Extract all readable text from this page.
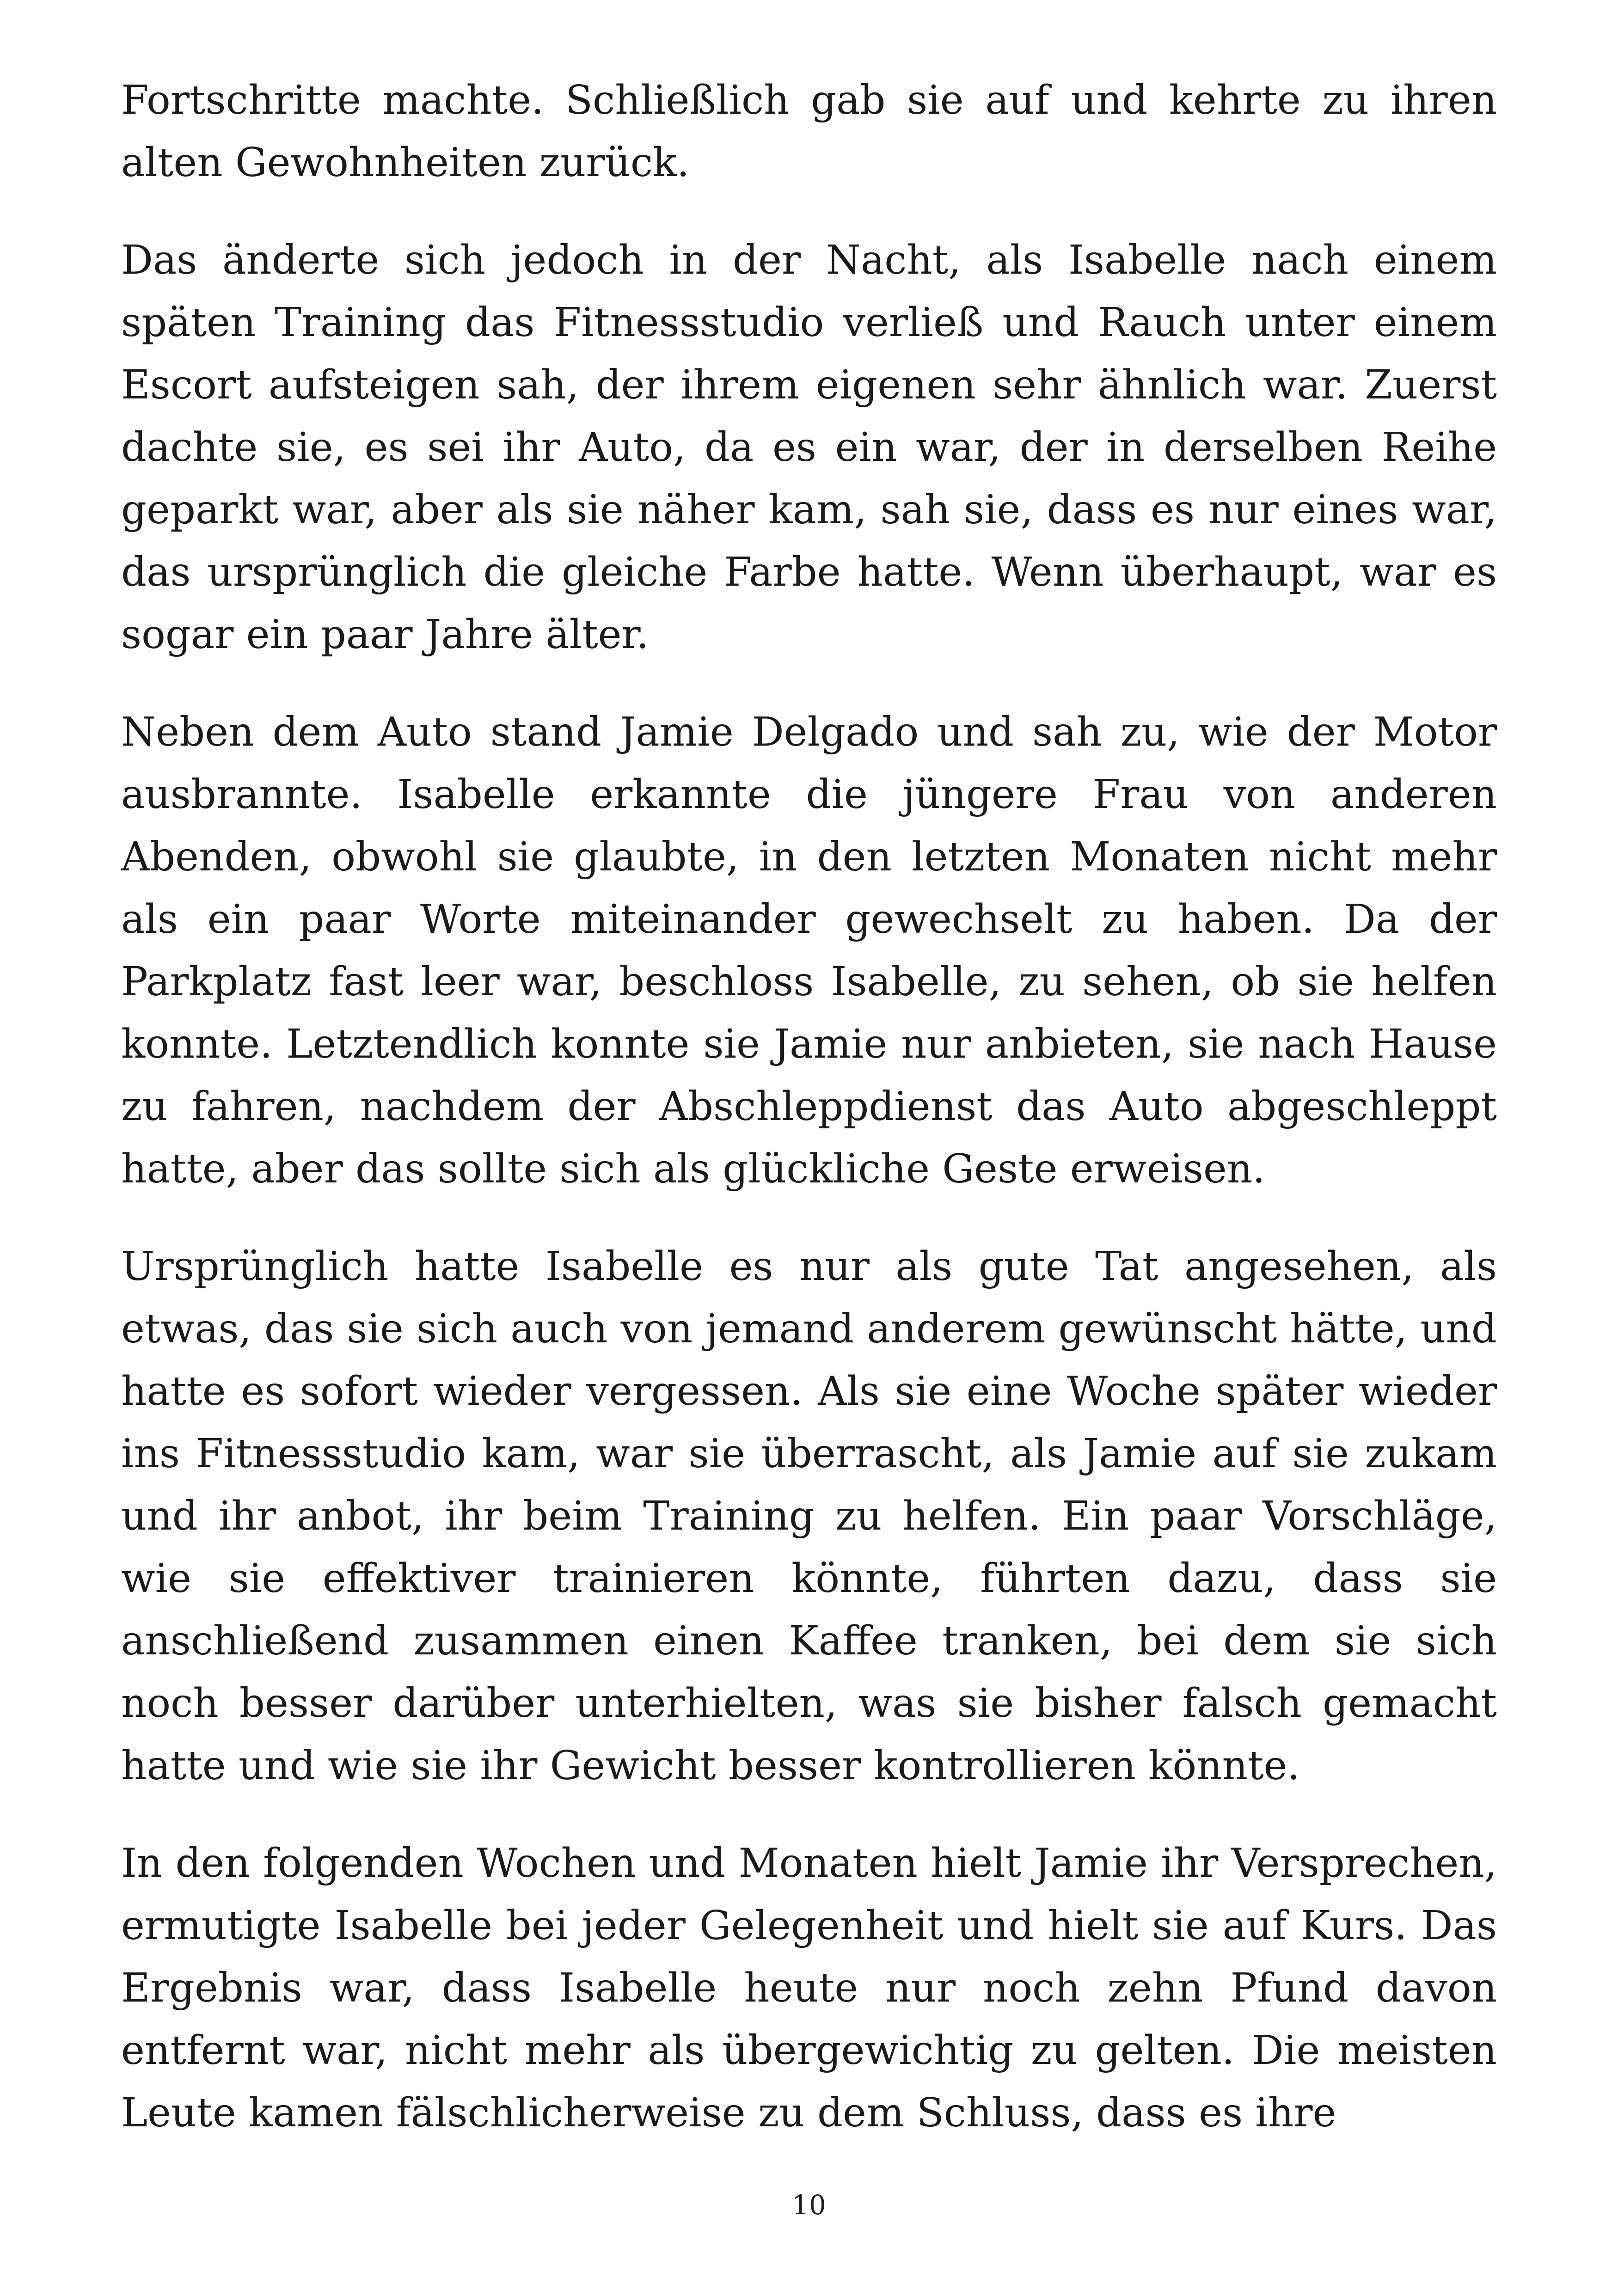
Fortschritte machte. Schließlich gab sie auf und kehrte zu ihren alten Gewohnheiten zurück.

Das änderte sich jedoch in der Nacht, als Isabelle nach einem späten Training das Fitnessstudio verließ und Rauch unter einem Escort aufsteigen sah, der ihrem eigenen sehr ähnlich war. Zuerst dachte sie, es sei ihr Auto, da es ein war, der in derselben Reihe geparkt war, aber als sie näher kam, sah sie, dass es nur eines war, das ursprünglich die gleiche Farbe hatte. Wenn überhaupt, war es sogar ein paar Jahre älter.

Neben dem Auto stand Jamie Delgado und sah zu, wie der Motor ausbrannte. Isabelle erkannte die jüngere Frau von anderen Abenden, obwohl sie glaubte, in den letzten Monaten nicht mehr als ein paar Worte miteinander gewechselt zu haben. Da der Parkplatz fast leer war, beschloss Isabelle, zu sehen, ob sie helfen konnte. Letztendlich konnte sie Jamie nur anbieten, sie nach Hause zu fahren, nachdem der Abschleppdienst das Auto abgeschleppt hatte, aber das sollte sich als glückliche Geste erweisen.

Ursprünglich hatte Isabelle es nur als gute Tat angesehen, als etwas, das sie sich auch von jemand anderem gewünscht hätte, und hatte es sofort wieder vergessen. Als sie eine Woche später wieder ins Fitnessstudio kam, war sie überrascht, als Jamie auf sie zukam und ihr anbot, ihr beim Training zu helfen. Ein paar Vorschläge, wie sie effektiver trainieren könnte, führten dazu, dass sie anschließend zusammen einen Kaffee tranken, bei dem sie sich noch besser darüber unterhielten, was sie bisher falsch gemacht hatte und wie sie ihr Gewicht besser kontrollieren könnte.

In den folgenden Wochen und Monaten hielt Jamie ihr Versprechen, ermutigte Isabelle bei jeder Gelegenheit und hielt sie auf Kurs. Das Ergebnis war, dass Isabelle heute nur noch zehn Pfund davon entfernt war, nicht mehr als übergewichtig zu gelten. Die meisten Leute kamen fälschlicherweise zu dem Schluss, dass es ihre

10
